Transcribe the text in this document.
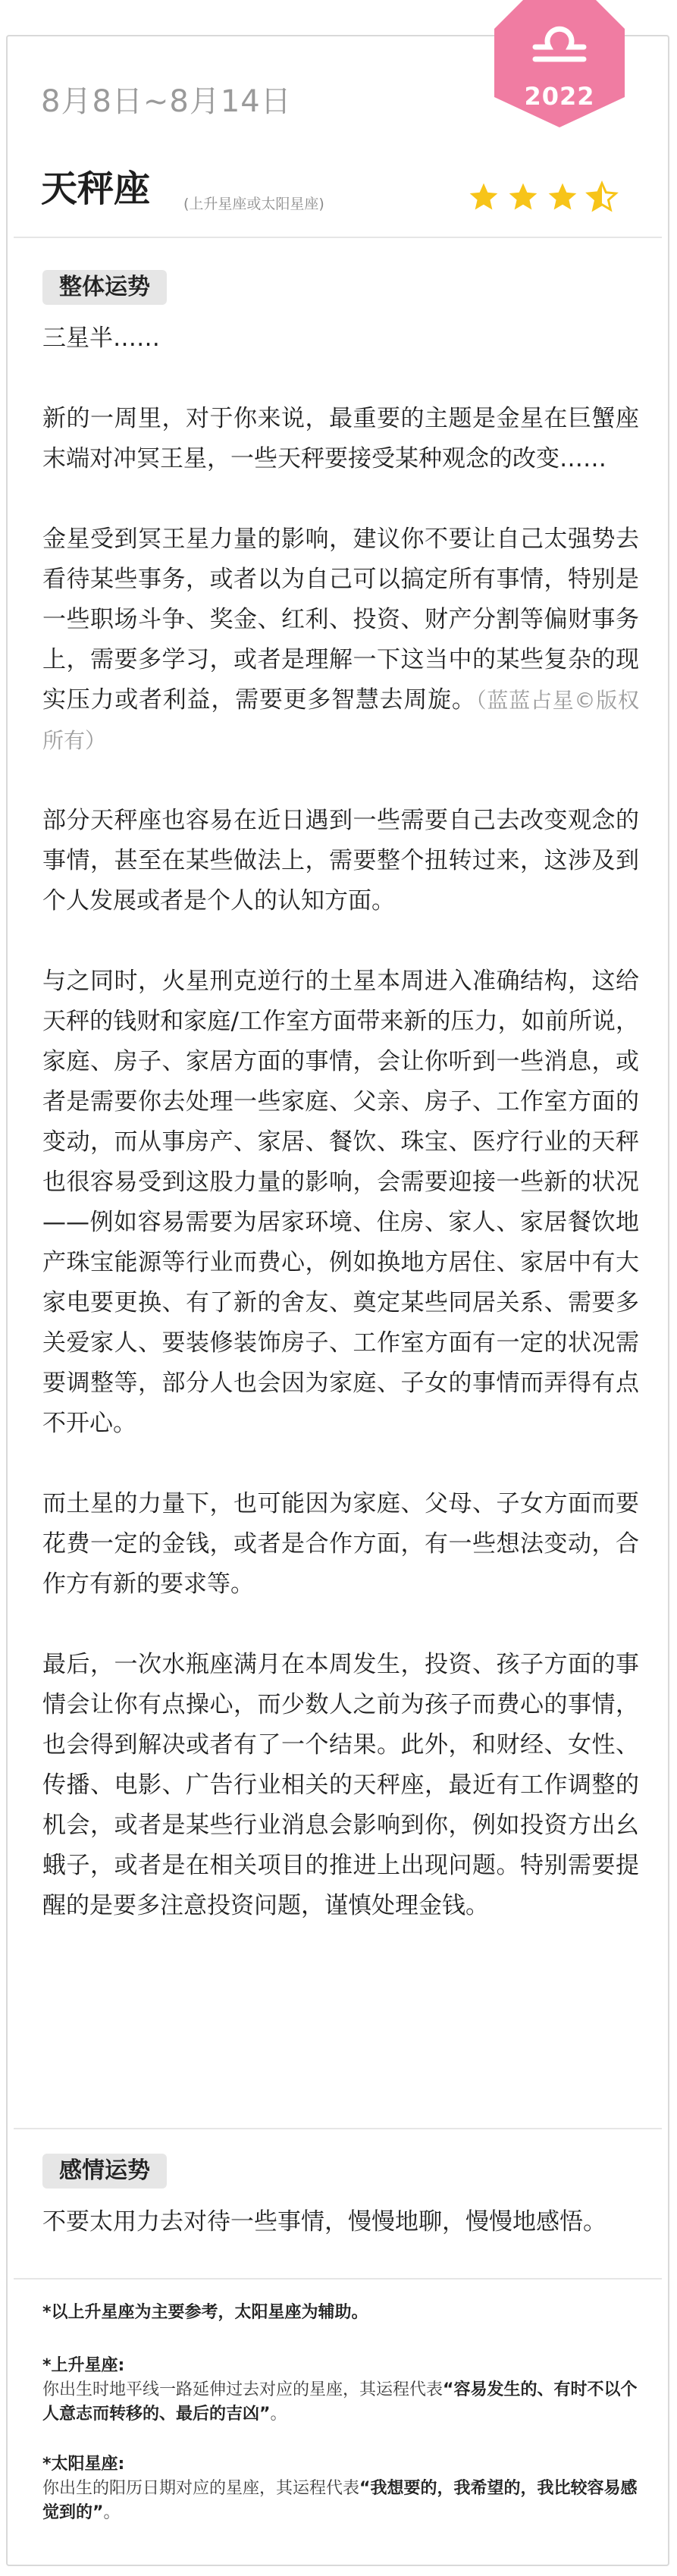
8月8日~8月14日	2022
天秤座 (上升星座或太阳星座)
整体运势

三星半……

新的一周里，对于你来说，最重要的主题是金星在巨蟹座末端对冲冥王星，一些天秤要接受某种观念的改变……

金星受到冥王星力量的影响，建议你不要让自己太强势去看待某些事务，或者以为自己可以搞定所有事情，特别是一些职场斗争、奖金、红利、投资、财产分割等偏财事务上，需要多学习，或者是理解一下这当中的某些复杂的现实压力或者利益，需要更多智慧去周旋。（蓝蓝占星©版权所有）

部分天秤座也容易在近日遇到一些需要自己去改变观念的事情，甚至在某些做法上，需要整个扭转过来，这涉及到个人发展或者是个人的认知方面。

与之同时，火星刑克逆行的土星本周进入准确结构，这给天秤的钱财和家庭/工作室方面带来新的压力，如前所说，家庭、房子、家居方面的事情，会让你听到一些消息，或者是需要你去处理一些家庭、父亲、房子、工作室方面的变动，而从事房产、家居、餐饮、珠宝、医疗行业的天秤也很容易受到这股力量的影响，会需要迎接一些新的状况——例如容易需要为居家环境、住房、家人、家居餐饮地产珠宝能源等行业而费心，例如换地方居住、家居中有大家电要更换、有了新的舍友、奠定某些同居关系、需要多关爱家人、要装修装饰房子、工作室方面有一定的状况需要调整等，部分人也会因为家庭、子女的事情而弄得有点不开心。

而土星的力量下，也可能因为家庭、父母、子女方面而要花费一定的金钱，或者是合作方面，有一些想法变动，合作方有新的要求等。

最后，一次水瓶座满月在本周发生，投资、孩子方面的事情会让你有点操心，而少数人之前为孩子而费心的事情，也会得到解决或者有了一个结果。此外，和财经、女性、传播、电影、广告行业相关的天秤座，最近有工作调整的机会，或者是某些行业消息会影响到你，例如投资方出幺蛾子，或者是在相关项目的推进上出现问题。特别需要提醒的是要多注意投资问题，谨慎处理金钱。

感情运势

不要太用力去对待一些事情，慢慢地聊，慢慢地感悟。

*以上升星座为主要参考，太阳星座为辅助。
*上升星座:
你出生时地平线一路延伸过去对应的星座，其运程代表“容易发生的、有时不以个人意志而转移的、最后的吉凶”。
*太阳星座:
你出生的阳历日期对应的星座，其运程代表“我想要的，我希望的，我比较容易感觉到的”。
